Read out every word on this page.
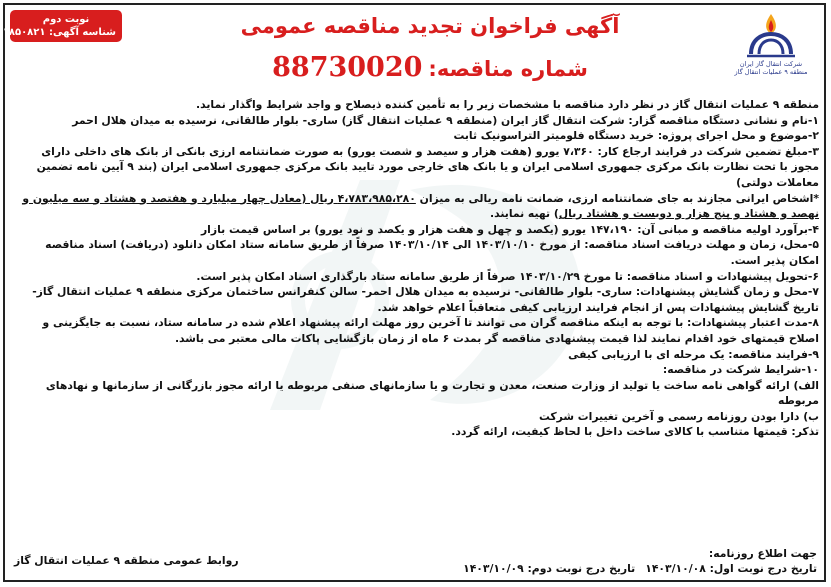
نوبت دوم
شناسه آگهی: ۱۸۵۰۸۲۱
شرکت انتقال گاز ایران
منطقه ۹ عملیات انتقال گاز
آگهی فراخوان تجدید مناقصه عمومی
شماره مناقصه:88730020

منطقه ۹ عملیات انتقال گاز در نظر دارد مناقصه با مشخصات زیر را به تأمین کننده ذیصلاح و واجد شرایط واگذار نماید.

۱-نام و نشانی دستگاه مناقصه گزار: شرکت انتقال گاز ایران (منطقه ۹ عملیات انتقال گاز) ساری- بلوار طالقانی، نرسیده به میدان هلال احمر

۲-موضوع و محل اجرای پروژه: خرید دستگاه فلومیتر التراسونیک ثابت

۳-مبلغ تضمین شرکت در فرایند ارجاع کار: ۷،۳۶۰ یورو (هفت هزار و سیصد و شصت یورو) به صورت ضمانتنامه ارزی بانکی از بانک های داخلی دارای مجوز با تحت نظارت بانک مرکزی جمهوری اسلامی ایران و یا بانک های خارجی مورد تایید بانک مرکزی جمهوری اسلامی ایران (بند ۹ آیین نامه تضمین معاملات دولتی)

*اشخاص ایرانی مجازند به جای ضمانتنامه ارزی، ضمانت نامه ریالی به میزان ۴،۷۸۳،۹۸۵،۲۸۰ ریال (معادل چهار میلیارد و هفتصد و هشتاد و سه میلیون و نهصد و هشتاد و پنج هزار و دویست و هشتاد ریال) تهیه نمایند.

۴-برآورد اولیه مناقصه و مبانی آن: ۱۴۷،۱۹۰ یورو (یکصد و چهل و هفت هزار و یکصد و نود یورو) بر اساس قیمت بازار

۵-محل، زمان و مهلت دریافت اسناد مناقصه: از مورخ ۱۴۰۳/۱۰/۱۰ الی ۱۴۰۳/۱۰/۱۴ صرفاً از طریق سامانه ستاد امکان دانلود (دریافت) اسناد مناقصه امکان پذیر است.

۶-تحویل پیشنهادات و اسناد مناقصه: تا مورخ ۱۴۰۳/۱۰/۲۹ صرفاً از طریق سامانه ستاد بارگذاری اسناد امکان پذیر است.

۷-محل و زمان گشایش پیشنهادات: ساری- بلوار طالقانی- نرسیده به میدان هلال احمر- سالن کنفرانس ساختمان مرکزی منطقه ۹ عملیات انتقال گاز- تاریخ گشایش پیشنهادات پس از انجام فرایند ارزیابی کیفی متعاقباً اعلام خواهد شد.

۸-مدت اعتبار پیشنهادات: با توجه به اینکه مناقصه گران می توانند تا آخرین روز مهلت ارائه پیشنهاد اعلام شده در سامانه ستاد، نسبت به جایگزینی و اصلاح قیمتهای خود اقدام نمایند لذا قیمت پیشنهادی مناقصه گر بمدت ۶ ماه از زمان بازگشایی پاکات مالی معتبر می باشد.

۹-فرایند مناقصه: یک مرحله ای با ارزیابی کیفی

۱۰-شرایط شرکت در مناقصه:

الف) ارائه گواهی نامه ساخت یا تولید از وزارت صنعت، معدن و تجارت و یا سازمانهای صنفی مربوطه یا ارائه مجوز بازرگانی از سازمانها و نهادهای مربوطه

ب) دارا بودن روزنامه رسمی و آخرین تغییرات شرکت

تذکر: قیمتها متناسب با کالای ساخت داخل با لحاظ کیفیت، ارائه گردد.

جهت اطلاع روزنامه:
تاریخ درج نوبت اول: ۱۴۰۳/۱۰/۰۸تاریخ درج نوبت دوم: ۱۴۰۳/۱۰/۰۹
روابط عمومی منطقه ۹ عملیات انتقال گاز
